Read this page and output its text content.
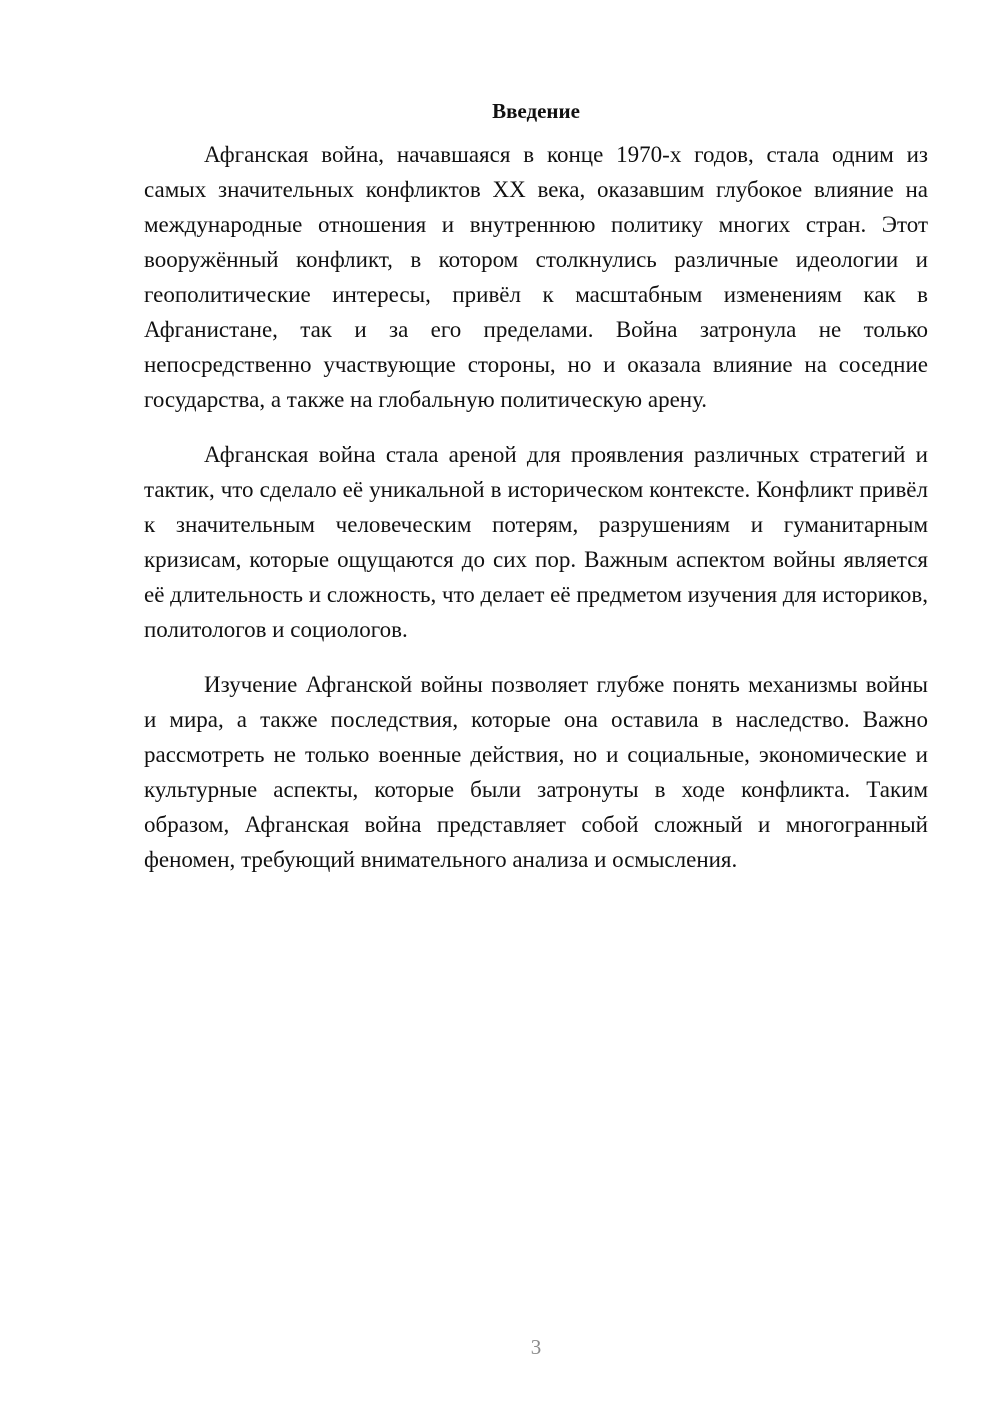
Введение

Афганская война, начавшаяся в конце 1970-х годов, стала одним из самых значительных конфликтов XX века, оказавшим глубокое влияние на международные отношения и внутреннюю политику многих стран. Этот вооружённый конфликт, в котором столкнулись различные идеологии и геополитические интересы, привёл к масштабным изменениям как в Афганистане, так и за его пределами. Война затронула не только непосредственно участвующие стороны, но и оказала влияние на соседние государства, а также на глобальную политическую арену.

Афганская война стала ареной для проявления различных стратегий и тактик, что сделало её уникальной в историческом контексте. Конфликт привёл к значительным человеческим потерям, разрушениям и гуманитарным кризисам, которые ощущаются до сих пор. Важным аспектом войны является её длительность и сложность, что делает её предметом изучения для историков, политологов и социологов.

Изучение Афганской войны позволяет глубже понять механизмы войны и мира, а также последствия, которые она оставила в наследство. Важно рассмотреть не только военные действия, но и социальные, экономические и культурные аспекты, которые были затронуты в ходе конфликта. Таким образом, Афганская война представляет собой сложный и многогранный феномен, требующий внимательного анализа и осмысления.

3
